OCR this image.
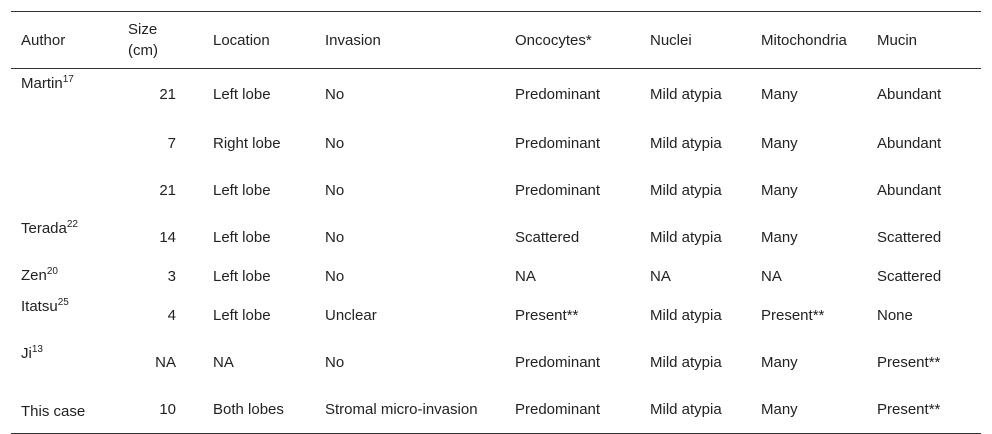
Author	Size (cm)	Location	Invasion	Oncocytes*	Nuclei	Mitochondria	Mucin
Martin$^{17}$	21	Left lobe	No	Predominant	Mild atypia	Many	Abundant
	7	Right lobe	No	Predominant	Mild atypia	Many	Abundant
	21	Left lobe	No	Predominant	Mild atypia	Many	Abundant
Terada$^{22}$	14	Left lobe	No	Scattered	Mild atypia	Many	Scattered
Zen$^{20}$	3	Left lobe	No	NA	NA	NA	Scattered
Itatsu$^{25}$	4	Left lobe	Unclear	Present**	Mild atypia	Present**	None
Ji$^{13}$	NA	NA	No	Predominant	Mild atypia	Many	Present**
This case	10	Both lobes	Stromal micro-invasion	Predominant	Mild atypia	Many	Present**
